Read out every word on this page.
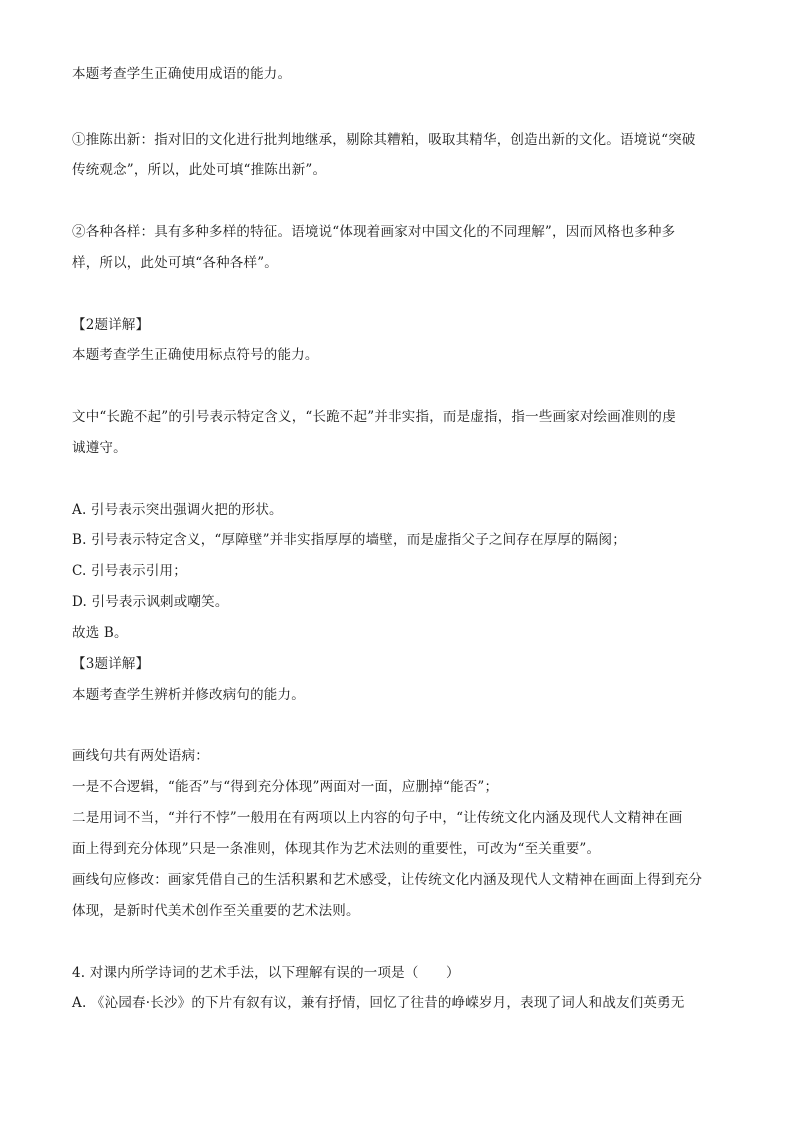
本题考查学生正确使用成语的能力。
①推陈出新：指对旧的文化进行批判地继承，剔除其糟粕，吸取其精华，创造出新的文化。语境说“突破
传统观念”，所以，此处可填“推陈出新”。
②各种各样：具有多种多样的特征。语境说“体现着画家对中国文化的不同理解”，因而风格也多种多
样，所以，此处可填“各种各样”。
【2题详解】
本题考查学生正确使用标点符号的能力。
文中“长跪不起”的引号表示特定含义，“长跪不起”并非实指，而是虚指，指一些画家对绘画准则的虔
诚遵守。
A. 引号表示突出强调火把的形状。
B. 引号表示特定含义，“厚障壁”并非实指厚厚的墙壁，而是虚指父子之间存在厚厚的隔阂；
C. 引号表示引用；
D. 引号表示讽刺或嘲笑。
故选 B。
【3题详解】
本题考查学生辨析并修改病句的能力。
画线句共有两处语病：
一是不合逻辑，“能否”与“得到充分体现”两面对一面，应删掉“能否”；
二是用词不当，“并行不悖”一般用在有两项以上内容的句子中，“让传统文化内涵及现代人文精神在画
面上得到充分体现”只是一条准则，体现其作为艺术法则的重要性，可改为“至关重要”。
画线句应修改：画家凭借自己的生活积累和艺术感受，让传统文化内涵及现代人文精神在画面上得到充分
体现，是新时代美术创作至关重要的艺术法则。
4. 对课内所学诗词的艺术手法，以下理解有误的一项是（　　）
A. 《沁园春·长沙》的下片有叙有议，兼有抒情，回忆了往昔的峥嵘岁月，表现了词人和战友们英勇无
